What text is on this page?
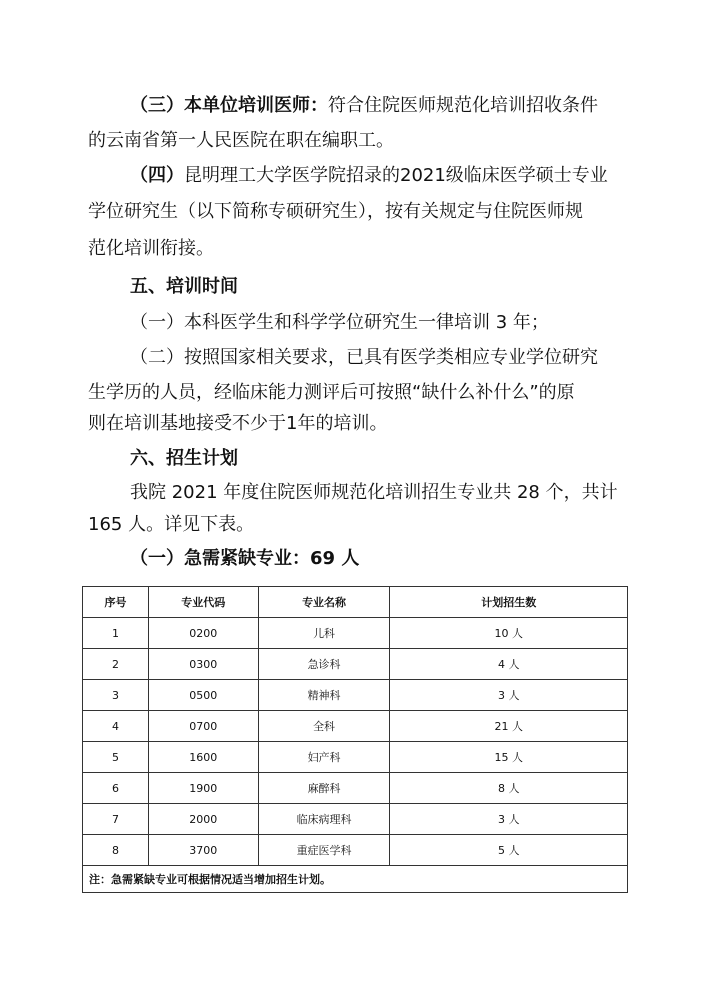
（三）本单位培训医师：符合住院医师规范化培训招收条件
的云南省第一人民医院在职在编职工。
（四）昆明理工大学医学院招录的2021级临床医学硕士专业
学位研究生（以下简称专硕研究生），按有关规定与住院医师规
范化培训衔接。
五、培训时间
（一）本科医学生和科学学位研究生一律培训 3 年；
（二）按照国家相关要求，已具有医学类相应专业学位研究
生学历的人员，经临床能力测评后可按照“缺什么补什么”的原
则在培训基地接受不少于1年的培训。
六、招生计划
我院 2021 年度住院医师规范化培训招生专业共 28 个，共计
165 人。详见下表。
（一）急需紧缺专业：69 人
序号	专业代码	专业名称	计划招生数
1	0200	儿科	10 人
2	0300	急诊科	4 人
3	0500	精神科	3 人
4	0700	全科	21 人
5	1600	妇产科	15 人
6	1900	麻醉科	8 人
7	2000	临床病理科	3 人
8	3700	重症医学科	5 人
注：急需紧缺专业可根据情况适当增加招生计划。			
